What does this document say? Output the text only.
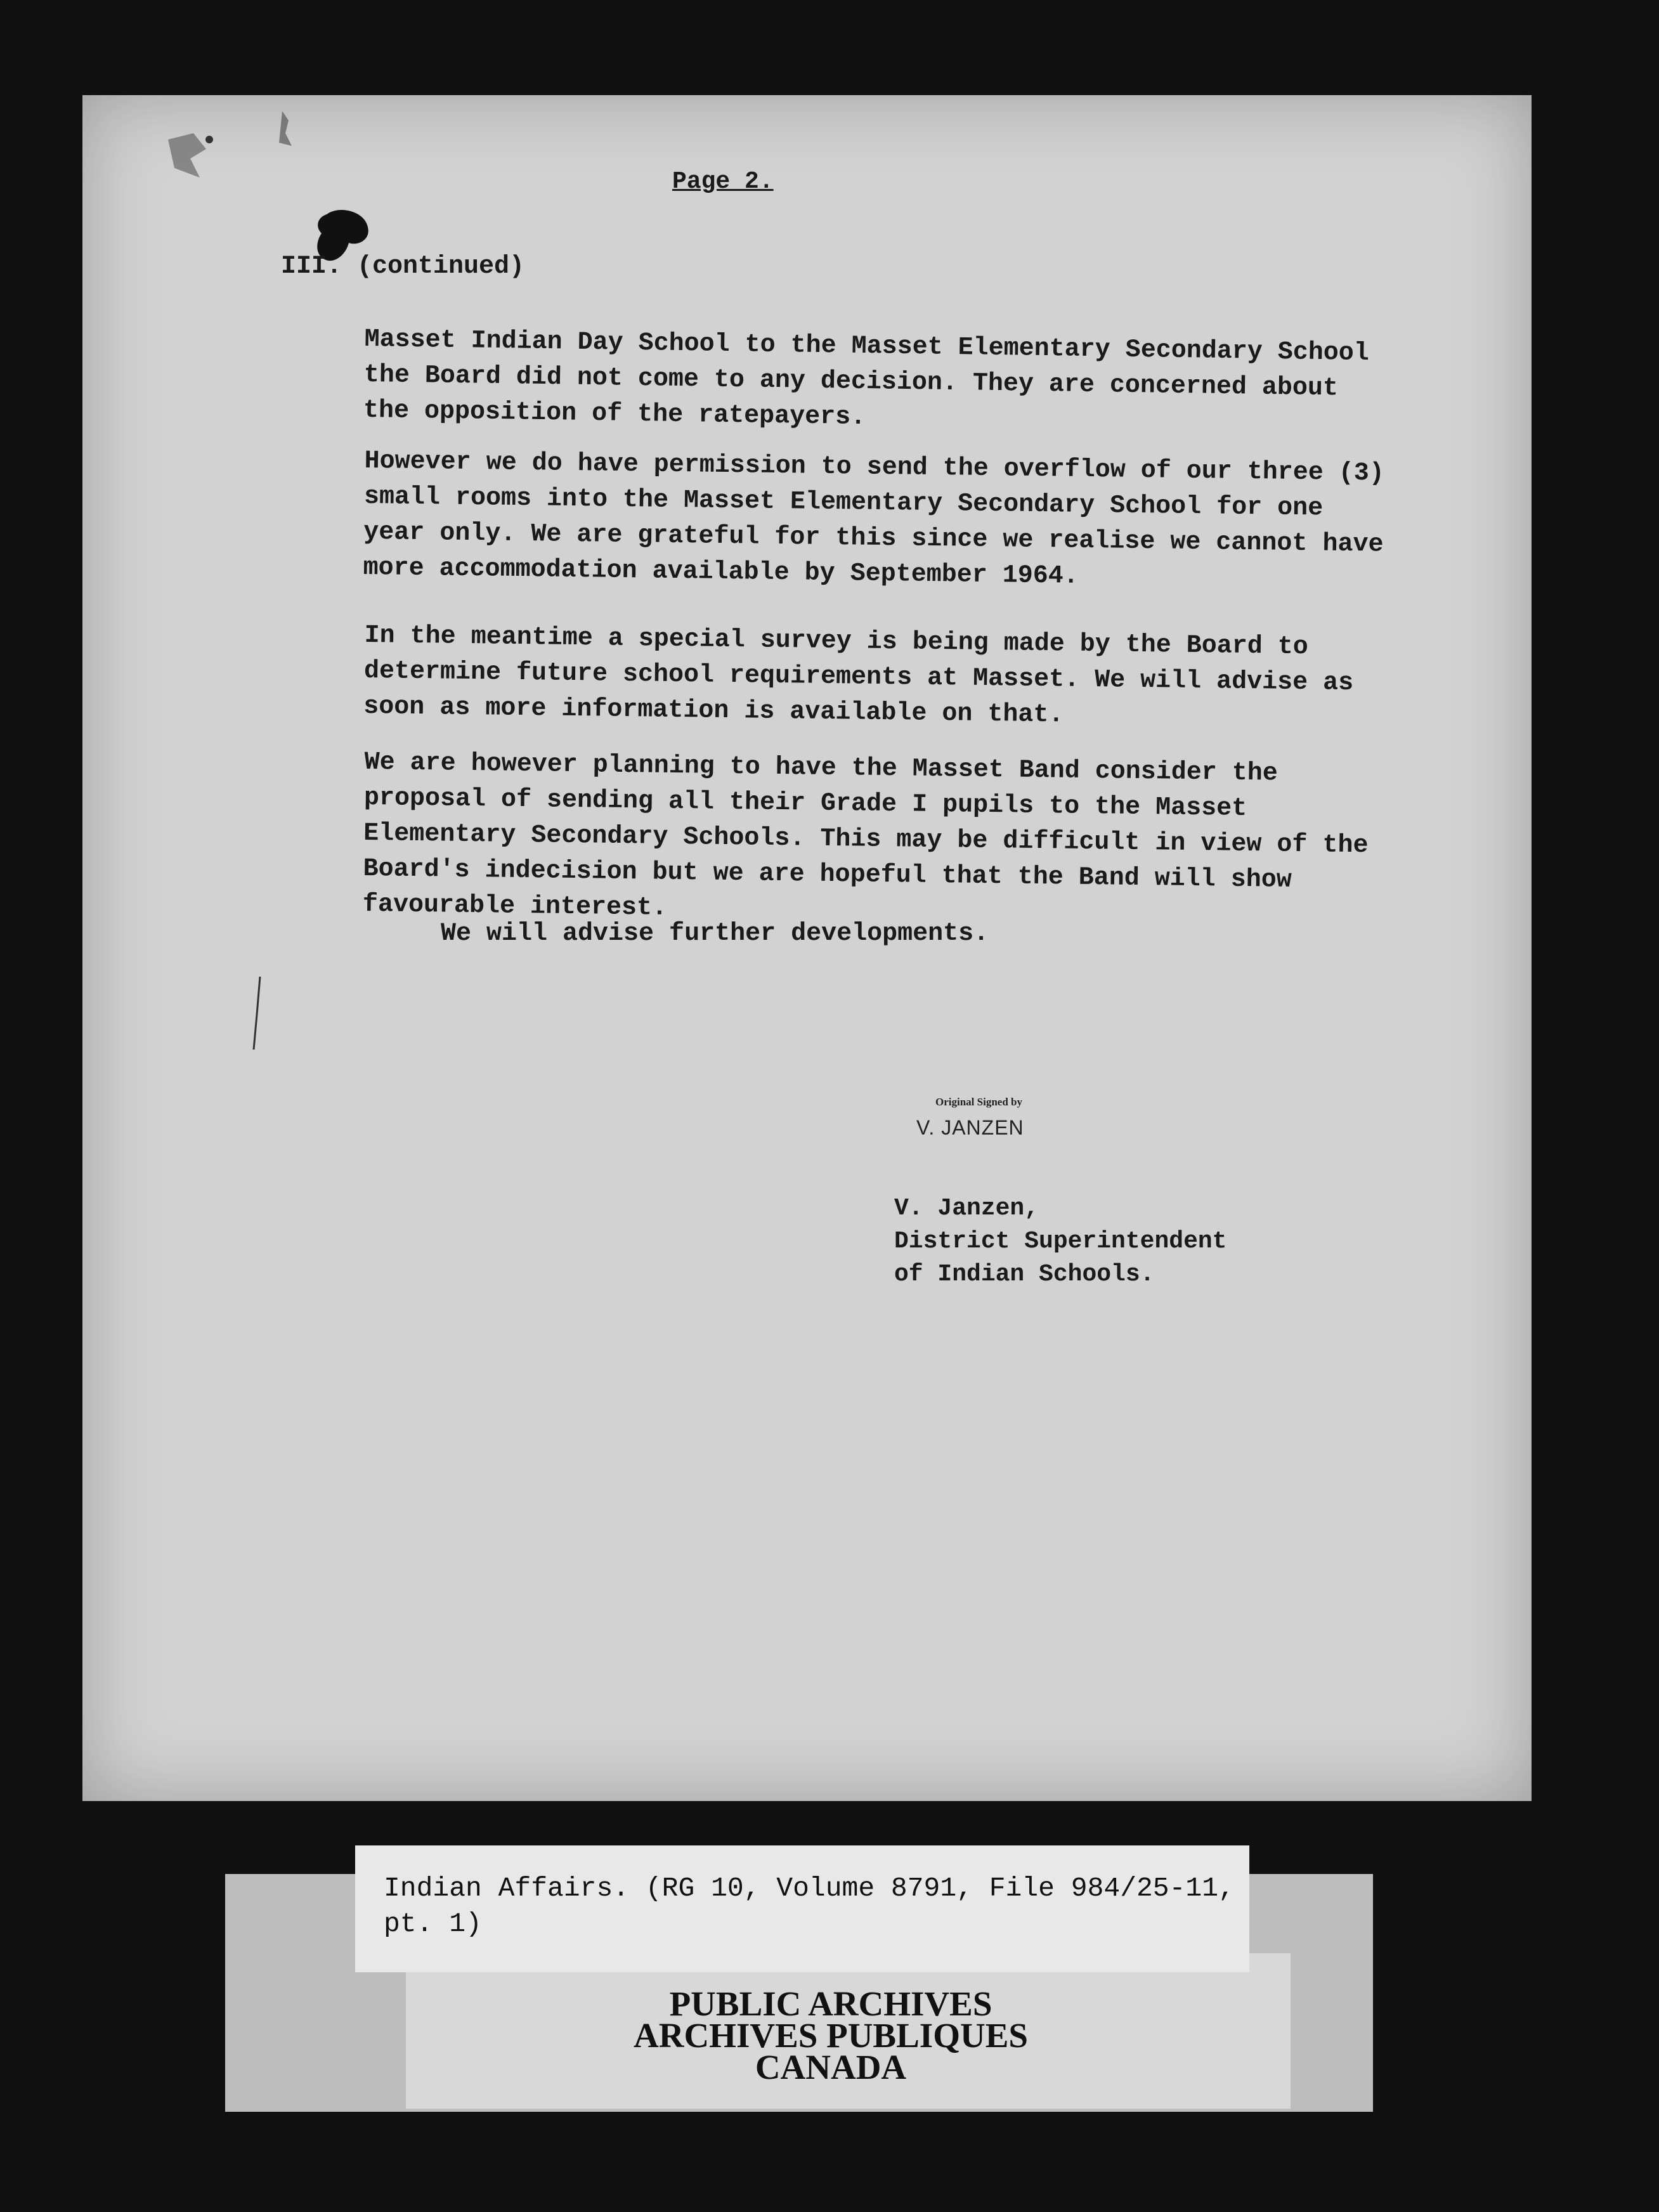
Page 2.
III. (continued)

Masset Indian Day School to the Masset Elementary Secondary School the Board did not come to any decision. They are concerned about the opposition of the ratepayers.

However we do have permission to send the overflow of our three (3) small rooms into the Masset Elementary Secondary School for one year only. We are grateful for this since we realise we cannot have more accommodation available by September 1964.

In the meantime a special survey is being made by the Board to determine future school requirements at Masset. We will advise as soon as more information is available on that.

We are however planning to have the Masset Band consider the proposal of sending all their Grade I pupils to the Masset Elementary Secondary Schools. This may be difficult in view of the Board's indecision but we are hopeful that the Band will show favourable interest.

We will advise further developments.

Original Signed by
V. JANZEN
V. Janzen,
District Superintendent
of Indian Schools.
Indian Affairs. (RG 10, Volume 8791, File 984/25-11, pt. 1)
PUBLIC ARCHIVES
ARCHIVES PUBLIQUES
CANADA
